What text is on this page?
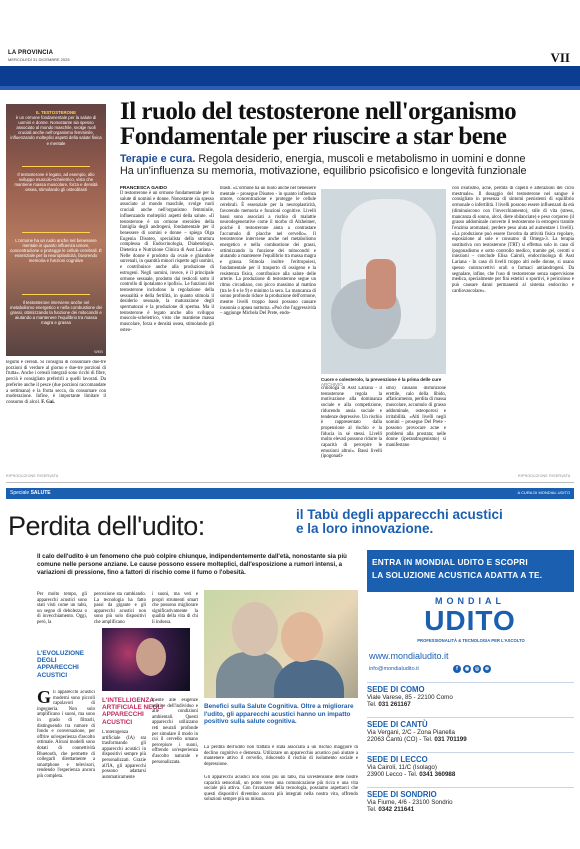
LA PROVINCIA
MERCOLEDÌ 31 DICEMBRE 2025	VII
IL TESTOSTERONE
è un ormone fondamentale per la salute di uomini e donne. Nonostante sia spesso associato al mondo maschile, svolge ruoli cruciali anche nell'organismo femminile, influenzando molteplici aspetti della salute fisica e mentale
Il testosterone è legato, ad esempio, allo sviluppo muscolo-scheletrico, visto che mantiene massa muscolare, forza e densità ossea, stimolando gli osteoblasti
L'ormone ha un ruolo anche nel benessere mentale in quanto influenza umore, concentrazione e protegge le cellule cerebrali. È essenziale per la neuroplasticità, favorendo memoria e funzioni cognitive
Il testosterone interviene anche nel metabolismo energetico e nella combustione dei grassi, ottimizzando la funzione dei mitocondri e aiutando a mantenere l'equilibrio tra massa magra e grassa
WEB
Il ruolo del testosterone nell'organismo
Fondamentale per riuscire a star bene
Terapie e cura. Regola desiderio, energia, muscoli e metabolismo in uomini e donne
Ha un'influenza su memoria, motivazione, equilibrio psicofisico e longevità funzionale
legumi e cereali. Si consiglia di consumare due-tre porzioni di verdure al giorno e due-tre porzioni di frutta». Anche i cereali integrali sono ricchi di fibre, perciò è consigliato preferirli a quelli lavorati. Da preferire anche il pesce (due porzioni raccomandate a settimana) e la frutta secca, da consumare con moderazione. Infine, è importante limitare il consumo di alcol. F. Gai.
RIPRODUZIONE RISERVATA
FRANCESCA GAIDO
Il testosterone è un ormone fondamentale per la salute di uomini e donne. Nonostante sia spesso associato al mondo maschile, svolge ruoli cruciali anche nell'organismo femminile, influenzando molteplici aspetti della salute. «Il testosterone è un ormone steroideo della famiglia degli androgeni, fondamentale per il benessere di uomini e donne – spiega Olga Eugenia Disoteo, specialista della struttura complessa di Endocrinologia, Diabetologia, Dietetica e Nutrizione Clinica di Asst Lariana - Nelle donne è prodotto da ovaie e ghiandole surrenali, in quantità minori rispetto agli uomini, e contribuisce anche alla produzione di estrogeni. Negli uomini, invece, è il principale ormone sessuale, prodotto dai testicoli sotto il controllo di ipotalamo e ipofisi». Le funzioni del testosterone includono la regolazione della sessualità e della fertilità, in quanto stimola il desiderio sessuale, la maturazione degli spermatozoi e la produzione di sperma. Ma il testosterone è legato anche allo sviluppo muscolo-scheletrico, visto che mantiene massa muscolare, forza e densità ossea, stimolando gli osteo-
blasti. «L'ormone ha un ruolo anche nel benessere mentale – prosegue Disoteo - in quanto influenza umore, concentrazione e protegge le cellule cerebrali. È essenziale per la neuroplasticità, favorendo memoria e funzioni cognitive. Livelli bassi sono associati a rischio di malattie neurodegenerative come il morbo di Alzheimer, poiché il testosterone aiuta a contrastare l'accumulo di placche nel cervello». Il testosterone interviene anche nel metabolismo energetico e nella combustione dei grassi, ottimizzando la funzione dei mitocondri e aiutando a mantenere l'equilibrio tra massa magra e grassa. Stimola inoltre l'eritropoiesi, fondamentale per il trasporto di ossigeno e la resistenza fisica, contribuisce alla salute delle arterie. La produzione di testosterone segue un ritmo circadiano, con picco massimo al mattino (tra le 6 e le 9) e minimo la sera. La mancanza di sonno profondo riduce la produzione dell'ormone, mentre livelli troppo bassi possono causare insonnia o apnea notturna. «Può che l'aggressività – aggiunge Michela Del Prete, endo-
Cuore e colesterolo, la prevenzione è la prima delle cure ARCHIVIO
crinologa di Asst Lariana - il testosterone regola la motivazione alla dominanza sociale e alla competizione, riducendo ansia sociale e tendenze depressive. Un rischio è rappresentato dalla propensione al rischio e la fiducia in sé stessi. Livelli molto elevati possono ridurre la capacità di percepire le emozioni altrui». Bassi livelli (ipogonadi-
smo) causano disfunzione erettile, calo della libido, affaticamento, perdita di massa muscolare, accumulo di grasso addominale, osteoporosi e irritabilità. «Alti livelli negli uomini – prosegue Del Prete - possono provocare acne e problemi alla prostata; nelle donne (iperandrogenismo) si manifestano
con irsutismo, acne, perdita di capelli e alterazioni del ciclo mestruale». Il dosaggio del testosterone nel sangue è consigliato in presenza di sintomi persistenti di squilibrio ormonale o infertilità. I livelli possono essere influenzati da età (diminuiscono con l'invecchiamento), stile di vita (stress, mancanza di sonno, alcol, diete sbilanciate) e peso corporeo (il grasso addominale converte il testosterone in estrogeni tramite l'enzima aromatasi; perdere peso aiuta ad aumentare i livelli). «La produzione può essere favorita da attività fisica regolare, esposizione al sole e consumo di Omega-3. La terapia sostitutiva con testosterone (TRT) si effettua solo in caso di ipogonadismo e sotto controllo medico, tramite gel, cerotti o iniezioni – conclude Elisa Cairoli, endocrinologa di Asst Lariana - In caso di livelli troppo alti nelle donne, si usano spesso contraccettivi orali o farmaci antiandrogeni. Da segnalare, infine, che l'uso di testosterone senza supervisione medica, specialmente per fini estetici o sportivi, è pericoloso e può causare danni permanenti al sistema endocrino e cardiovascolare».
RIPRODUZIONE RISERVATA
Speciale SALUTE	A CURA DI MONDIAL UDITO
Perdita dell'udito:	il Tabù degli apparecchi acustici
e la loro innovazione.
Il calo dell'udito è un fenomeno che può colpire chiunque, indipendentemente dall'età, nonostante sia più comune nelle persone anziane. Le cause possono essere molteplici, dall'esposizione a rumori intensi, a variazioni di pressione, fino a fattori di rischio come il fumo o l'obesità.
ENTRA IN MONDIAL UDITO E SCOPRI
LA SOLUZIONE ACUSTICA ADATTA A TE.
Per molto tempo, gli apparecchi acustici sono stati visti come un tabù, un segno di debolezza o di invecchiamento. Oggi, però, la
percezione sta cambiando. La tecnologia ha fatto passi da gigante e gli apparecchi acustici non sono più solo dispositivi che amplificano
i suoni, ma veri e propri strumenti smart che possono migliorare significativamente la qualità della vita di chi li indossa.
L'EVOLUZIONE DEGLI APPARECCHI ACUSTICI
Gli apparecchi acustici moderni sono piccoli capolavori di ingegneria. Non solo amplificano i suoni, ma sono in grado di filtrarli, distinguendo tra rumore di fondo e conversazione, per offrire un'esperienza d'ascolto ottimale. Alcuni modelli sono dotati di connettività Bluetooth, che permette di collegarli direttamente a smartphone e televisori, rendendo l'esperienza ancora più completa.
L'INTELLIGENZA ARTIFICIALE NEGLI APPARECCHI ACUSTICI
L'intelligenza artificiale (IA) sta trasformando gli apparecchi acustici in dispositivi sempre più personalizzati. Grazie all'IA, gli apparecchi possono adattarsi automaticamente
mente alle esigenze uditive dell'individuo e alle condizioni ambientali. Questi apparecchi utilizzano reti neurali profonde per simulare il modo in cui il cervello umano percepisce i suoni, offrendo un'esperienza d'ascolto naturale e personalizzata.
Benefici sulla Salute Cognitiva. Oltre a migliorare l'udito, gli apparecchi acustici hanno un impatto positivo sulla salute cognitiva.
La perdita dell'udito non trattata è stata associata a un rischio maggiore di declino cognitivo e demenza. Utilizzare un apparecchio acustico può aiutare a mantenere attivo il cervello, riducendo il rischio di isolamento sociale e depressione.
Gli apparecchi acustici non sono più un tabù, ma un'estensione delle nostre capacità sensoriali, un ponte verso una comunicazione più ricca e una vita sociale più attiva. Con l'avanzare della tecnologia, possiamo aspettarci che questi dispositivi diventino ancora più integrati nella nostra vita, offrendo soluzioni sempre più su misura.
MONDIAL
UDITO
PROFESSIONALITÀ & TECNOLOGIA PER L'ASCOLTO
www.mondialudito.it
info@mondialudito.it	f	◉	◎	⊕
SEDE DI COMO
Viale Varese, 85 - 22100 Como
Tel. 031 261167
SEDE DI CANTÙ
Via Vergani, 2/C - Zona Pianella
22063 Cantù (CO) - Tel. 031 701199
SEDE DI LECCO
Via Cairoli, 11/C (Isolago)
23900 Lecco - Tel. 0341 360988
SEDE DI SONDRIO
Via Fiume, 4/6 - 23100 Sondrio
Tel. 0342 211641
